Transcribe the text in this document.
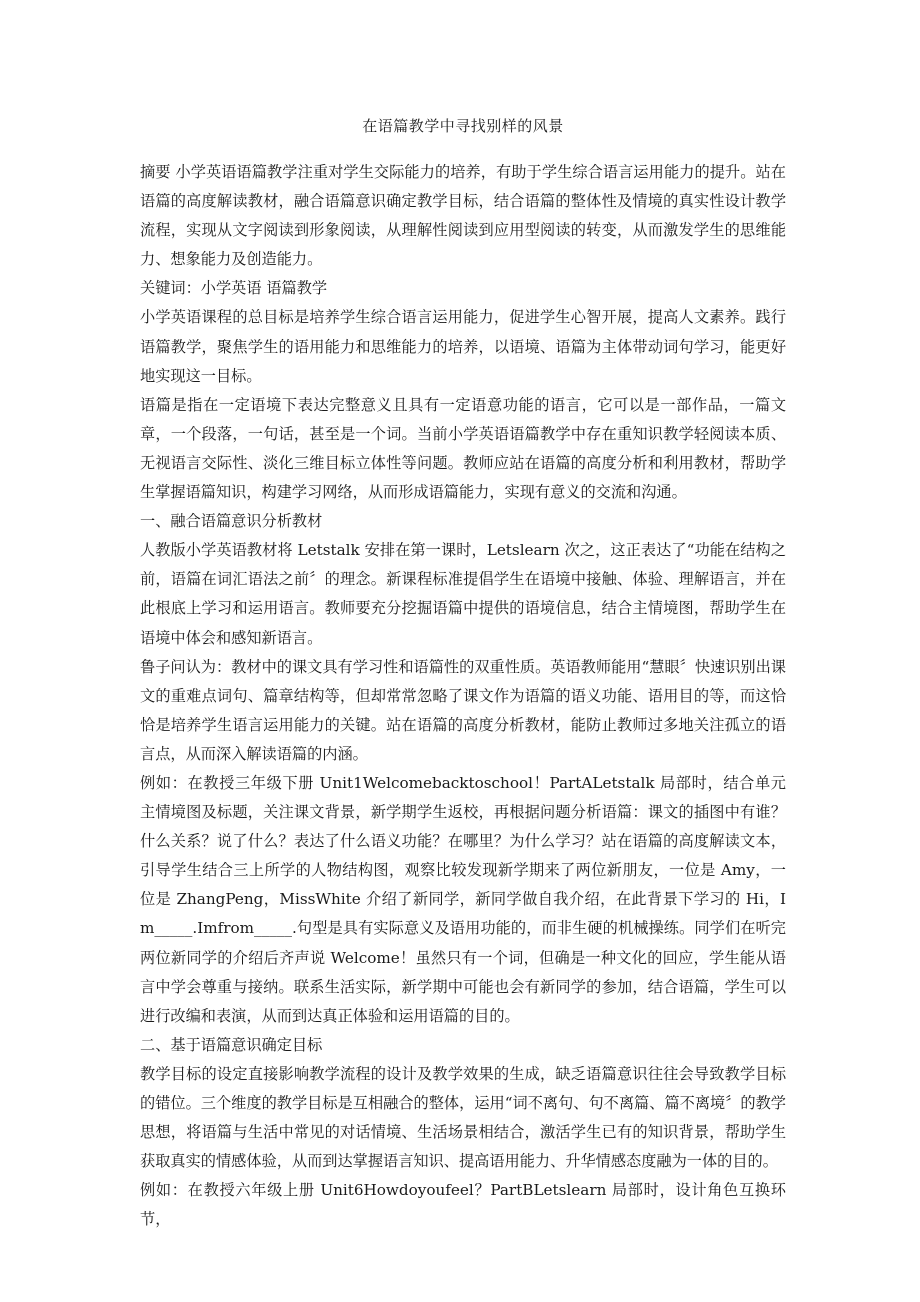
在语篇教学中寻找别样的风景

摘要 小学英语语篇教学注重对学生交际能力的培养，有助于学生综合语言运用能力的提升。站在语篇的高度解读教材，融合语篇意识确定教学目标，结合语篇的整体性及情境的真实性设计教学流程，实现从文字阅读到形象阅读，从理解性阅读到应用型阅读的转变，从而激发学生的思维能力、想象能力及创造能力。

关键词：小学英语 语篇教学

小学英语课程的总目标是培养学生综合语言运用能力，促进学生心智开展，提高人文素养。践行语篇教学，聚焦学生的语用能力和思维能力的培养，以语境、语篇为主体带动词句学习，能更好地实现这一目标。

语篇是指在一定语境下表达完整意义且具有一定语意功能的语言，它可以是一部作品，一篇文章，一个段落，一句话，甚至是一个词。当前小学英语语篇教学中存在重知识教学轻阅读本质、无视语言交际性、淡化三维目标立体性等问题。教师应站在语篇的高度分析和利用教材，帮助学生掌握语篇知识，构建学习网络，从而形成语篇能力，实现有意义的交流和沟通。

一、融合语篇意识分析教材

人教版小学英语教材将 Letstalk 安排在第一课时，Letslearn 次之，这正表达了“功能在结构之前，语篇在词汇语法之前〞的理念。新课程标准提倡学生在语境中接触、体验、理解语言，并在此根底上学习和运用语言。教师要充分挖掘语篇中提供的语境信息，结合主情境图，帮助学生在语境中体会和感知新语言。

鲁子问认为：教材中的课文具有学习性和语篇性的双重性质。英语教师能用“慧眼〞快速识别出课文的重难点词句、篇章结构等，但却常常忽略了课文作为语篇的语义功能、语用目的等，而这恰恰是培养学生语言运用能力的关键。站在语篇的高度分析教材，能防止教师过多地关注孤立的语言点，从而深入解读语篇的内涵。

例如：在教授三年级下册 Unit1Welcomebacktoschool！PartALetstalk 局部时，结合单元主情境图及标题，关注课文背景，新学期学生返校，再根据问题分析语篇：课文的插图中有谁？什么关系？说了什么？表达了什么语义功能？在哪里？为什么学习？站在语篇的高度解读文本，引导学生结合三上所学的人物结构图，观察比较发现新学期来了两位新朋友，一位是 Amy，一位是 ZhangPeng，MissWhite 介绍了新同学，新同学做自我介绍，在此背景下学习的 Hi，Im_____.Imfrom_____.句型是具有实际意义及语用功能的，而非生硬的机械操练。同学们在听完两位新同学的介绍后齐声说 Welcome！虽然只有一个词，但确是一种文化的回应，学生能从语言中学会尊重与接纳。联系生活实际，新学期中可能也会有新同学的参加，结合语篇，学生可以进行改编和表演，从而到达真正体验和运用语篇的目的。

二、基于语篇意识确定目标

教学目标的设定直接影响教学流程的设计及教学效果的生成，缺乏语篇意识往往会导致教学目标的错位。三个维度的教学目标是互相融合的整体，运用“词不离句、句不离篇、篇不离境〞的教学思想，将语篇与生活中常见的对话情境、生活场景相结合，激活学生已有的知识背景，帮助学生获取真实的情感体验，从而到达掌握语言知识、提高语用能力、升华情感态度融为一体的目的。

例如：在教授六年级上册 Unit6Howdoyoufeel？PartBLetslearn 局部时，设计角色互换环节，
